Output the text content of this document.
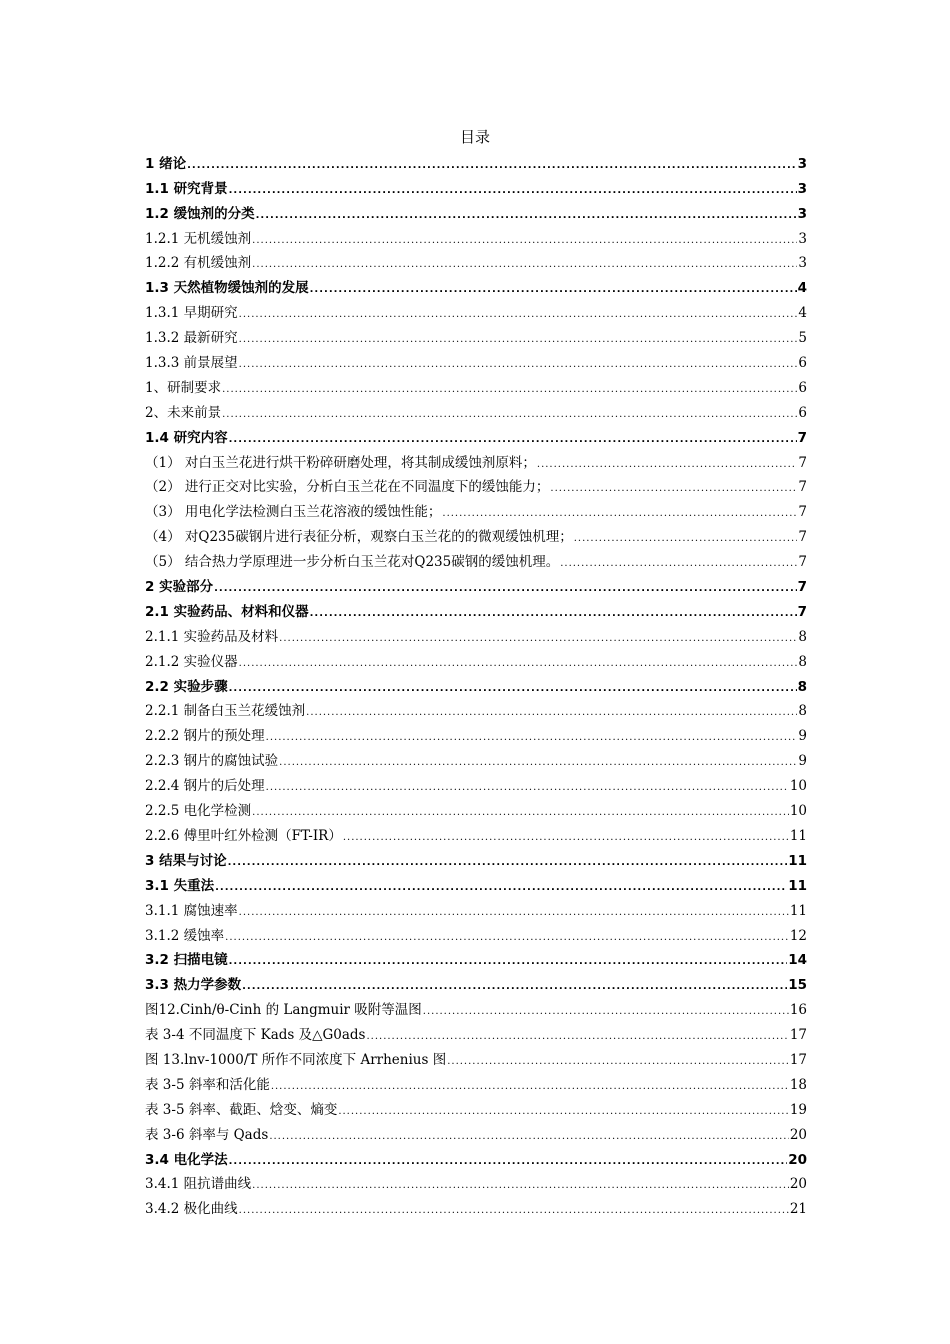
目录
1 绪论 .....	3
1.1 研究背景 .....	3
1.2 缓蚀剂的分类 .....	3
1.2.1 无机缓蚀剂 .....	3
1.2.2 有机缓蚀剂 .....	3
1.3 天然植物缓蚀剂的发展 .....	4
1.3.1 早期研究 .....	4
1.3.2 最新研究 .....	5
1.3.3 前景展望 .....	6
1、研制要求 .....	6
2、未来前景 .....	6
1.4 研究内容 .....	7
（1） 对白玉兰花进行烘干粉碎研磨处理，将其制成缓蚀剂原料； .....	7
（2） 进行正交对比实验，分析白玉兰花在不同温度下的缓蚀能力； .....	7
（3） 用电化学法检测白玉兰花溶液的缓蚀性能； .....	7
（4） 对Q235碳钢片进行表征分析，观察白玉兰花的的微观缓蚀机理； .....	7
（5） 结合热力学原理进一步分析白玉兰花对Q235碳钢的缓蚀机理。 .....	7
2 实验部分 .....	7
2.1 实验药品、材料和仪器 .....	7
2.1.1 实验药品及材料 .....	8
2.1.2 实验仪器 .....	8
2.2 实验步骤 .....	8
2.2.1 制备白玉兰花缓蚀剂 .....	8
2.2.2 钢片的预处理 .....	9
2.2.3 钢片的腐蚀试验 .....	9
2.2.4 钢片的后处理 .....	10
2.2.5 电化学检测 .....	10
2.2.6 傅里叶红外检测（FT-IR） .....	11
3 结果与讨论 .....	11
3.1 失重法 .....	11
3.1.1 腐蚀速率 .....	11
3.1.2 缓蚀率 .....	12
3.2 扫描电镜 .....	14
3.3 热力学参数 .....	15
图12.Cinh/θ-Cinh 的 Langmuir 吸附等温图 .....	16
表 3-4 不同温度下 Kads 及△G0ads .....	17
图 13.lnv-1000/T 所作不同浓度下 Arrhenius 图 .....	17
表 3-5 斜率和活化能 .....	18
表 3-5 斜率、截距、焓变、熵变 .....	19
表 3-6 斜率与 Qads .....	20
3.4 电化学法 .....	20
3.4.1 阻抗谱曲线 .....	20
3.4.2 极化曲线 .....	21
